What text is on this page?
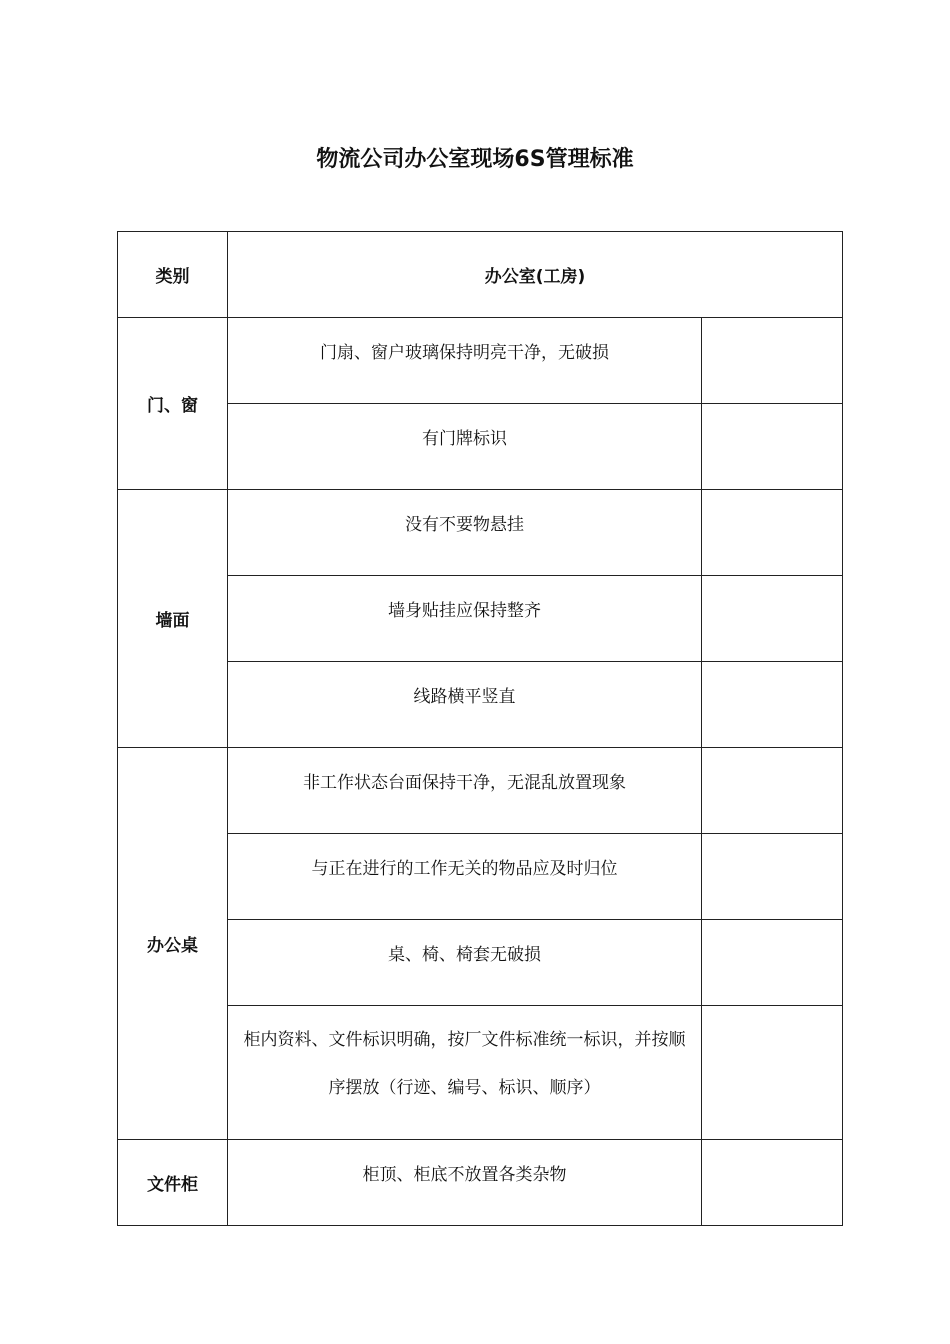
物流公司办公室现场6S管理标准
类别	办公室(工房)	
门、窗	门扇、窗户玻璃保持明亮干净，无破损	
	有门牌标识	
墙面	没有不要物悬挂	
	墙身贴挂应保持整齐	
	线路横平竖直	
办公桌	非工作状态台面保持干净，无混乱放置现象	
	与正在进行的工作无关的物品应及时归位	
	桌、椅、椅套无破损	
	柜内资料、文件标识明确，按厂文件标准统一标识，并按顺序摆放（行迹、编号、标识、顺序）	
文件柜	柜顶、柜底不放置各类杂物	
